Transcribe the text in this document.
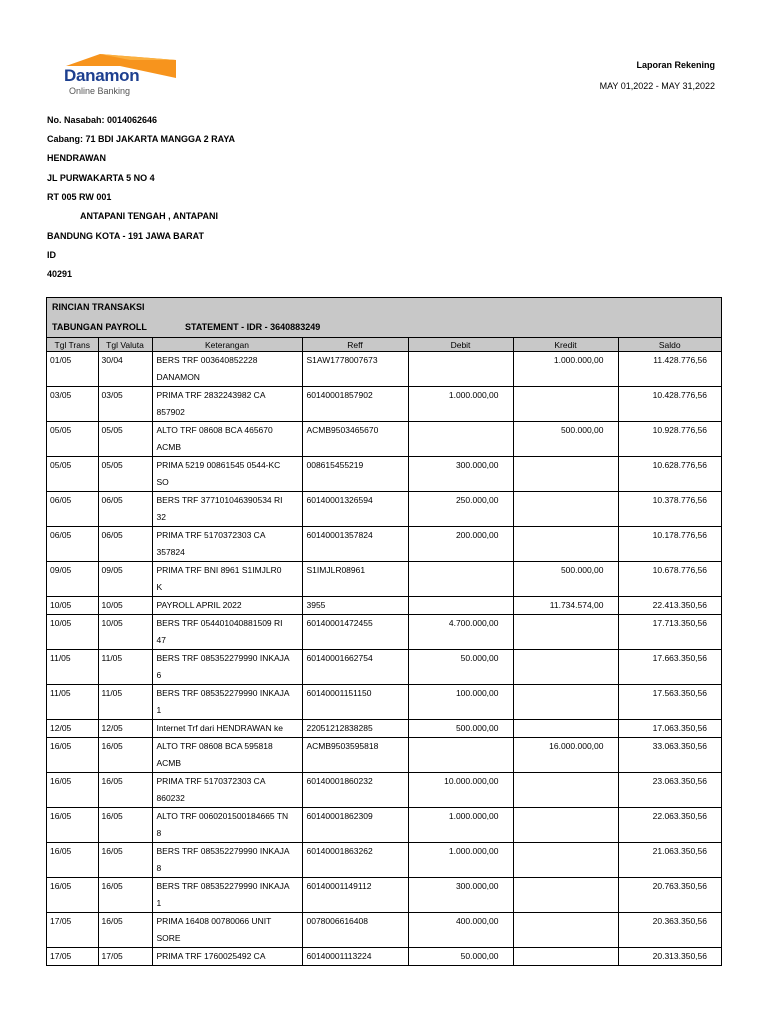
Danamon
Online Banking
Laporan Rekening
MAY 01,2022 - MAY 31,2022
No. Nasabah: 0014062646
Cabang: 71 BDI JAKARTA MANGGA 2 RAYA
HENDRAWAN
JL PURWAKARTA 5 NO 4
RT 005 RW 001
ANTAPANI TENGAH , ANTAPANI
BANDUNG KOTA - 191 JAWA BARAT
ID
40291
RINCIAN TRANSAKSI
TABUNGAN PAYROLL	STATEMENT - IDR - 3640883249
Tgl Trans	Tgl Valuta	Keterangan	Reff	Debit	Kredit	Saldo
01/05	30/04	BERS TRF 003640852228
DANAMON	S1AW1778007673		1.000.000,00	11.428.776,56
03/05	03/05	PRIMA TRF 2832243982 CA
857902	60140001857902	1.000.000,00		10.428.776,56
05/05	05/05	ALTO TRF 08608 BCA 465670
ACMB	ACMB9503465670		500.000,00	10.928.776,56
05/05	05/05	PRIMA 5219 00861545 0544-KC
SO	008615455219	300.000,00		10.628.776,56
06/05	06/05	BERS TRF 377101046390534 RI
32	60140001326594	250.000,00		10.378.776,56
06/05	06/05	PRIMA TRF 5170372303 CA
357824	60140001357824	200.000,00		10.178.776,56
09/05	09/05	PRIMA TRF BNI 8961 S1IMJLR0
K	S1IMJLR08961		500.000,00	10.678.776,56
10/05	10/05	PAYROLL APRIL 2022	3955		11.734.574,00	22.413.350,56
10/05	10/05	BERS TRF 054401040881509 RI
47	60140001472455	4.700.000,00		17.713.350,56
11/05	11/05	BERS TRF 085352279990 INKAJA
6	60140001662754	50.000,00		17.663.350,56
11/05	11/05	BERS TRF 085352279990 INKAJA
1	60140001151150	100.000,00		17.563.350,56
12/05	12/05	Internet Trf dari HENDRAWAN ke	22051212838285	500.000,00		17.063.350,56
16/05	16/05	ALTO TRF 08608 BCA 595818
ACMB	ACMB9503595818		16.000.000,00	33.063.350,56
16/05	16/05	PRIMA TRF 5170372303 CA
860232	60140001860232	10.000.000,00		23.063.350,56
16/05	16/05	ALTO TRF 0060201500184665 TN
8	60140001862309	1.000.000,00		22.063.350,56
16/05	16/05	BERS TRF 085352279990 INKAJA
8	60140001863262	1.000.000,00		21.063.350,56
16/05	16/05	BERS TRF 085352279990 INKAJA
1	60140001149112	300.000,00		20.763.350,56
17/05	16/05	PRIMA 16408 00780066 UNIT
SORE	0078006616408	400.000,00		20.363.350,56
17/05	17/05	PRIMA TRF 1760025492 CA	60140001113224	50.000,00		20.313.350,56
